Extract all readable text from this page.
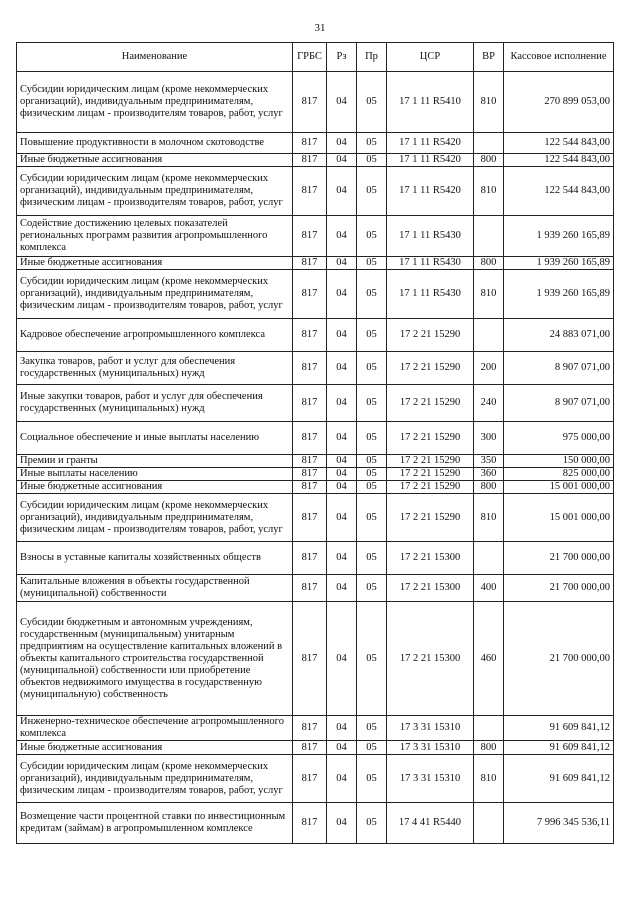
31
Наименование	ГРБС	Рз	Пр	ЦСР	ВР	Кассовое исполнение
Субсидии юридическим лицам (кроме некоммерческих организаций), индивидуальным предпринимателям, физическим лицам - производителям товаров, работ, услуг	817	04	05	17 1 11 R5410	810	270 899 053,00
Повышение продуктивности в молочном скотоводстве	817	04	05	17 1 11 R5420		122 544 843,00
Иные бюджетные ассигнования	817	04	05	17 1 11 R5420	800	122 544 843,00
Субсидии юридическим лицам (кроме некоммерческих организаций), индивидуальным предпринимателям, физическим лицам - производителям товаров, работ, услуг	817	04	05	17 1 11 R5420	810	122 544 843,00
Содействие достижению целевых показателей региональных программ развития агропромышленного комплекса	817	04	05	17 1 11 R5430		1 939 260 165,89
Иные бюджетные ассигнования	817	04	05	17 1 11 R5430	800	1 939 260 165,89
Субсидии юридическим лицам (кроме некоммерческих организаций), индивидуальным предпринимателям, физическим лицам - производителям товаров, работ, услуг	817	04	05	17 1 11 R5430	810	1 939 260 165,89
Кадровое обеспечение агропромышленного комплекса	817	04	05	17 2 21 15290		24 883 071,00
Закупка товаров, работ и услуг для обеспечения государственных (муниципальных) нужд	817	04	05	17 2 21 15290	200	8 907 071,00
Иные закупки товаров, работ и услуг для обеспечения государственных (муниципальных) нужд	817	04	05	17 2 21 15290	240	8 907 071,00
Социальное обеспечение и иные выплаты населению	817	04	05	17 2 21 15290	300	975 000,00
Премии и гранты	817	04	05	17 2 21 15290	350	150 000,00
Иные выплаты населению	817	04	05	17 2 21 15290	360	825 000,00
Иные бюджетные ассигнования	817	04	05	17 2 21 15290	800	15 001 000,00
Субсидии юридическим лицам (кроме некоммерческих организаций), индивидуальным предпринимателям, физическим лицам - производителям товаров, работ, услуг	817	04	05	17 2 21 15290	810	15 001 000,00
Взносы в уставные капиталы хозяйственных обществ	817	04	05	17 2 21 15300		21 700 000,00
Капитальные вложения в объекты государственной (муниципальной) собственности	817	04	05	17 2 21 15300	400	21 700 000,00
Субсидии бюджетным и автономным учреждениям, государственным (муниципальным) унитарным предприятиям на осуществление капитальных вложений в объекты капитального строительства государственной (муниципальной) собственности или приобретение объектов недвижимого имущества в государственную (муниципальную) собственность	817	04	05	17 2 21 15300	460	21 700 000,00
Инженерно-техническое обеспечение агропромышленного комплекса	817	04	05	17 3 31 15310		91 609 841,12
Иные бюджетные ассигнования	817	04	05	17 3 31 15310	800	91 609 841,12
Субсидии юридическим лицам (кроме некоммерческих организаций), индивидуальным предпринимателям, физическим лицам - производителям товаров, работ, услуг	817	04	05	17 3 31 15310	810	91 609 841,12
Возмещение части процентной ставки по инвестиционным кредитам (займам) в агропромышленном комплексе	817	04	05	17 4 41 R5440		7 996 345 536,11
